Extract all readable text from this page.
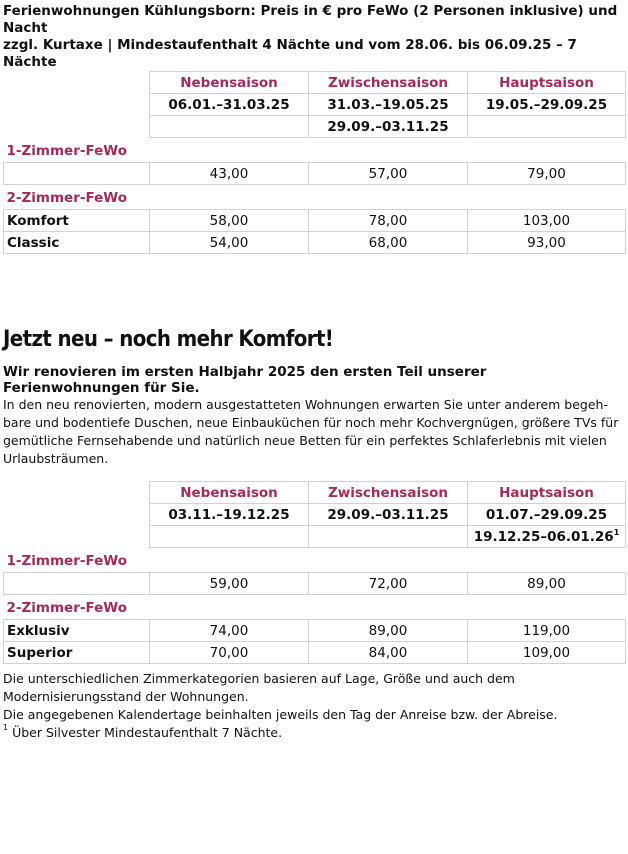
Ferienwohnungen Kühlungsborn: Preis in € pro FeWo (2 Personen inklusive) und Nacht
zzgl. Kurtaxe | Mindestaufenthalt 4 Nächte und vom 28.06. bis 06.09.25 – 7 Nächte

	Nebensaison	Zwischensaison	Hauptsaison
	06.01.–31.03.25	31.03.–19.05.25	19.05.–29.09.25
		29.09.–03.11.25	
1-Zimmer-FeWo			
	43,00	57,00	79,00
2-Zimmer-FeWo			
Komfort	58,00	78,00	103,00
Classic	54,00	68,00	93,00
Jetzt neu – noch mehr Komfort!

Wir renovieren im ersten Halbjahr 2025 den ersten Teil unserer Ferienwohnungen für Sie.

In den neu renovierten, modern ausgestatteten Wohnungen erwarten Sie unter anderem begeh-bare und bodentiefe Duschen, neue Einbauküchen für noch mehr Kochvergnügen, größere TVs für gemütliche Fernsehabende und natürlich neue Betten für ein perfektes Schlaferlebnis mit vielen Urlaubsträumen.

	Nebensaison	Zwischensaison	Hauptsaison
	03.11.–19.12.25	29.09.–03.11.25	01.07.–29.09.25
			19.12.25–06.01.26$^1$
1-Zimmer-FeWo			
	59,00	72,00	89,00
2-Zimmer-FeWo			
Exklusiv	74,00	89,00	119,00
Superior	70,00	84,00	109,00

Die unterschiedlichen Zimmerkategorien basieren auf Lage, Größe und auch dem Modernisierungsstand der Wohnungen.

Die angegebenen Kalendertage beinhalten jeweils den Tag der Anreise bzw. der Abreise.

$^1$ Über Silvester Mindestaufenthalt 7 Nächte.
